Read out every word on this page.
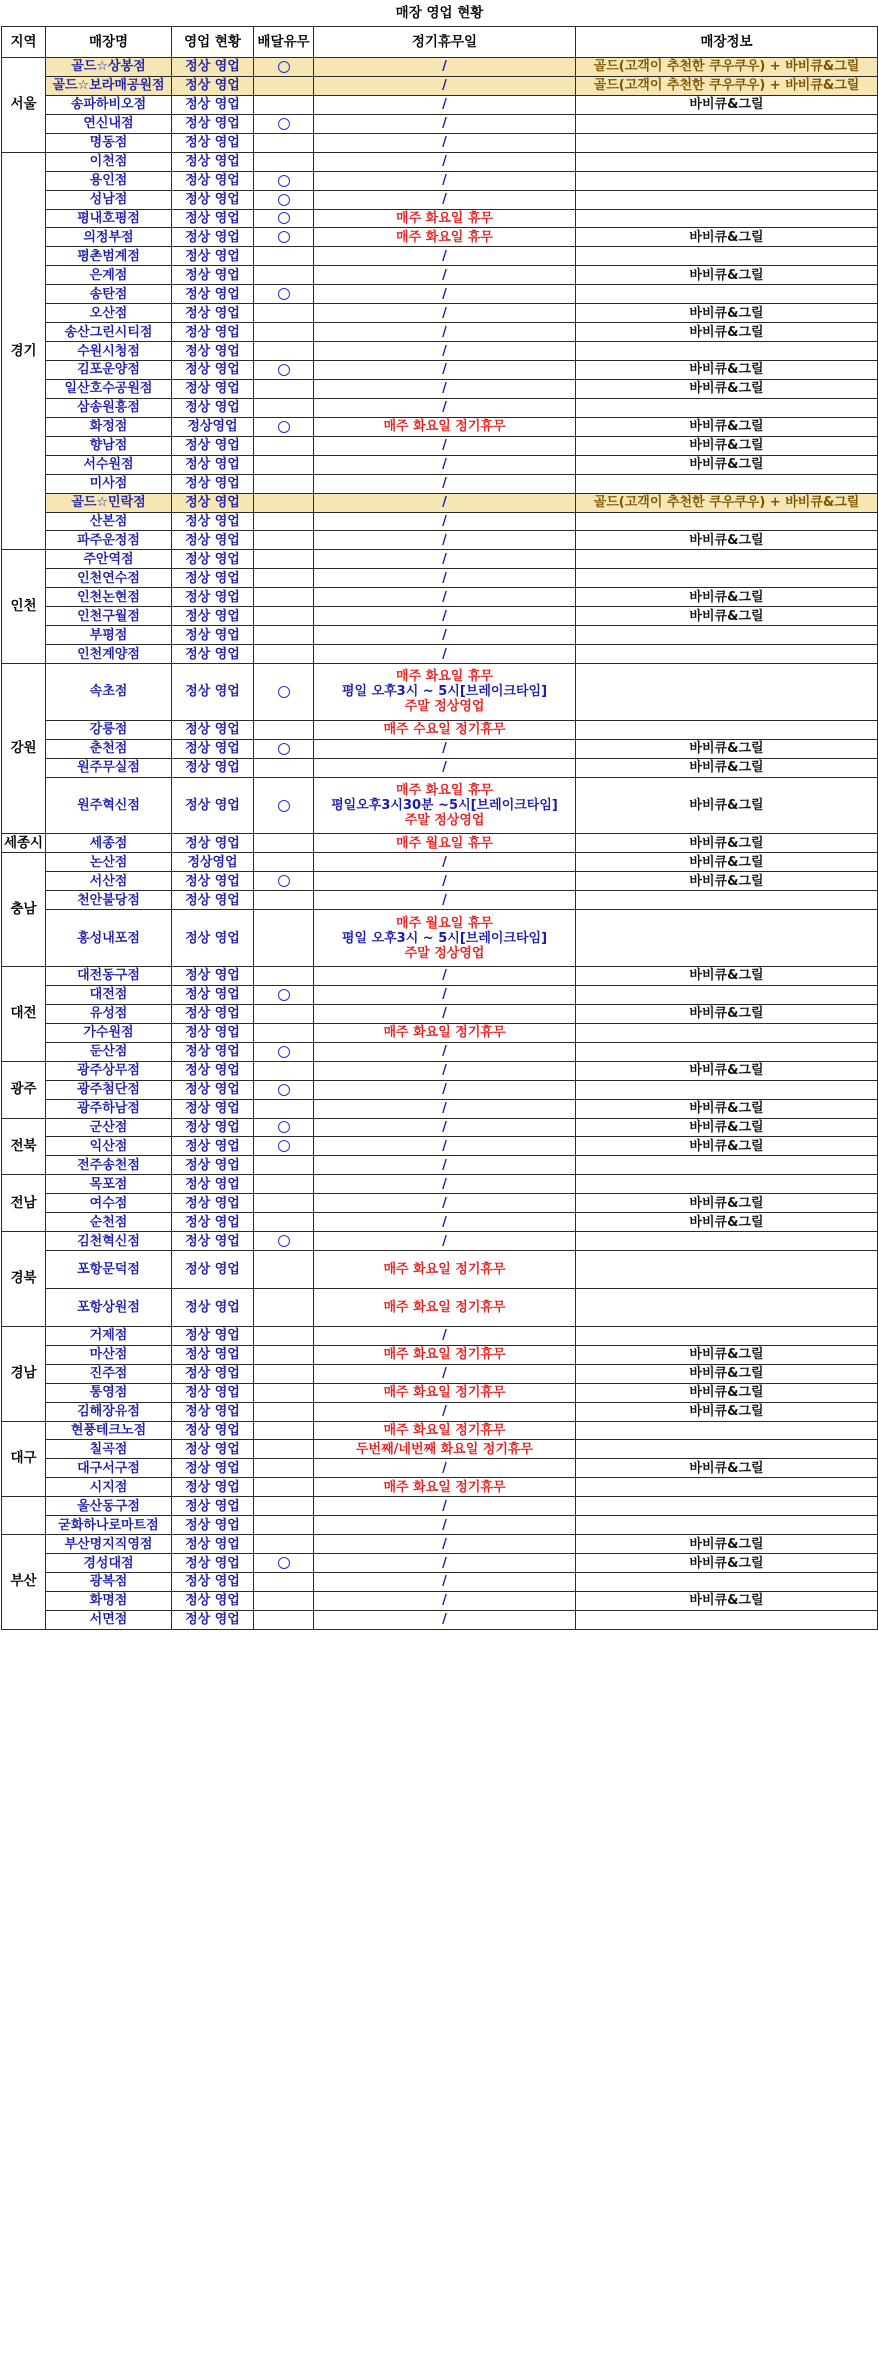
매장 영업 현황					
지역	매장명	영업 현황	배달유무	정기휴무일	매장정보
서울	골드☆상봉점	정상 영업		/	골드(고객이 추천한 쿠우쿠우) + 바비큐&그릴
	골드☆보라매공원점	정상 영업		/	골드(고객이 추천한 쿠우쿠우) + 바비큐&그릴
	송파하비오점	정상 영업		/	바비큐&그릴
	연신내점	정상 영업		/	
	명동점	정상 영업		/	
경기	이천점	정상 영업		/	
	용인점	정상 영업		/	
	성남점	정상 영업		/	
	평내호평점	정상 영업		매주 화요일 휴무	
	의정부점	정상 영업		매주 화요일 휴무	바비큐&그릴
	평촌범계점	정상 영업		/	
	은계점	정상 영업		/	바비큐&그릴
	송탄점	정상 영업		/	
	오산점	정상 영업		/	바비큐&그릴
	송산그린시티점	정상 영업		/	바비큐&그릴
	수원시청점	정상 영업		/	
	김포운양점	정상 영업		/	바비큐&그릴
	일산호수공원점	정상 영업		/	바비큐&그릴
	삼송원흥점	정상 영업		/	
	화정점	정상영업		매주 화요일 정기휴무	바비큐&그릴
	향남점	정상 영업		/	바비큐&그릴
	서수원점	정상 영업		/	바비큐&그릴
	미사점	정상 영업		/	
	골드☆민락점	정상 영업		/	골드(고객이 추천한 쿠우쿠우) + 바비큐&그릴
	산본점	정상 영업		/	
	파주운정점	정상 영업		/	바비큐&그릴
인천	주안역점	정상 영업		/	
	인천연수점	정상 영업		/	
	인천논현점	정상 영업		/	바비큐&그릴
	인천구월점	정상 영업		/	바비큐&그릴
	부평점	정상 영업		/	
	인천계양점	정상 영업		/	
강원	속초점	정상 영업		매주 화요일 휴무
평일 오후3시 ~ 5시[브레이크타임]
주말 정상영업	

	강릉점	정상 영업		매주 수요일 정기휴무	
	춘천점	정상 영업		/	바비큐&그릴
	원주무실점	정상 영업		/	바비큐&그릴
	원주혁신점	정상 영업		매주 화요일 휴무
평일오후3시30분 ~5시[브레이크타임]
주말 정상영업	바비큐&그릴
세종시	세종점	정상 영업		매주 월요일 휴무	바비큐&그릴
충남	논산점	정상영업		/	바비큐&그릴
	서산점	정상 영업		/	바비큐&그릴
	천안불당점	정상 영업		/	
	홍성내포점	정상 영업		매주 월요일 휴무
평일 오후3시 ~ 5시[브레이크타임]
주말 정상영업	

대전	대전동구점	정상 영업		/	바비큐&그릴
	대전점	정상 영업		/	
	유성점	정상 영업		/	바비큐&그릴
	가수원점	정상 영업		매주 화요일 정기휴무	
	둔산점	정상 영업		/	
광주	광주상무점	정상 영업		/	바비큐&그릴
	광주첨단점	정상 영업		/	
	광주하남점	정상 영업		/	바비큐&그릴
전북	군산점	정상 영업		/	바비큐&그릴
	익산점	정상 영업		/	바비큐&그릴
	전주송천점	정상 영업		/	
전남	목포점	정상 영업		/	
	여수점	정상 영업		/	바비큐&그릴
	순천점	정상 영업		/	바비큐&그릴
경북	김천혁신점	정상 영업		/	
	포항문덕점	정상 영업		매주 화요일 정기휴무	
	포항상원점	정상 영업		매주 화요일 정기휴무	
경남	거제점	정상 영업		/	
	마산점	정상 영업		매주 화요일 정기휴무	바비큐&그릴
	진주점	정상 영업		/	바비큐&그릴
	통영점	정상 영업		매주 화요일 정기휴무	바비큐&그릴
	김해장유점	정상 영업		/	바비큐&그릴
대구	현풍테크노점	정상 영업		매주 화요일 정기휴무	
	칠곡점	정상 영업		두번째/네번째 화요일 정기휴무	
	대구서구점	정상 영업		/	바비큐&그릴
	시지점	정상 영업		매주 화요일 정기휴무	
	울산동구점	정상 영업		/	
	굳화하나로마트점	정상 영업		/	
부산	부산명지직영점	정상 영업		/	바비큐&그릴
	경성대점	정상 영업		/	바비큐&그릴
	광복점	정상 영업		/	
	화명점	정상 영업		/	바비큐&그릴
	서면점	정상 영업		/	
